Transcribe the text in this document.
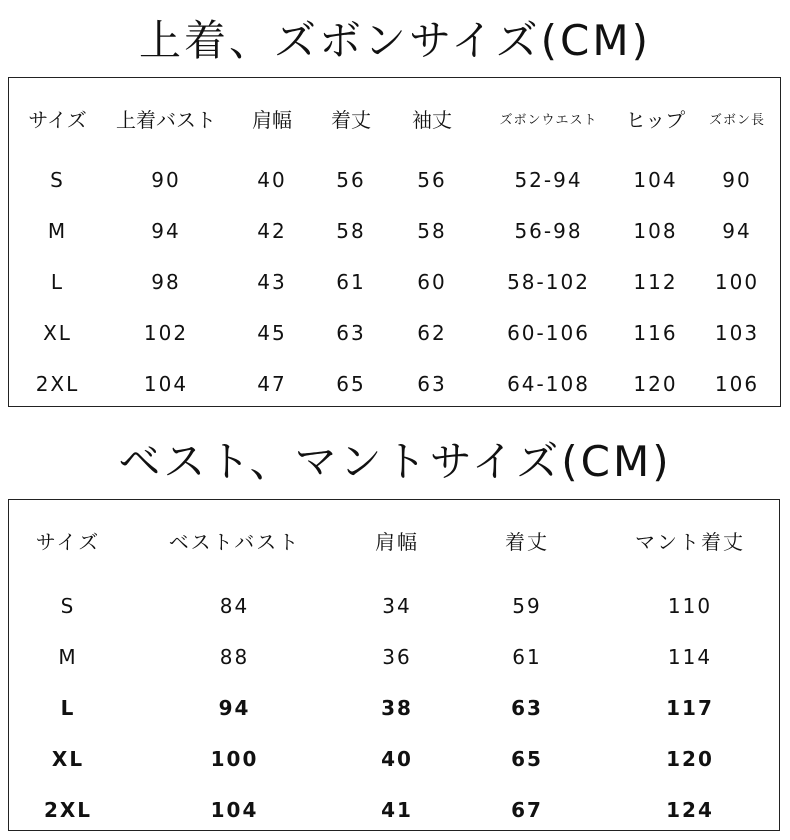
上着、ズボンサイズ(CM)
サイズ	上着バスト	肩幅	着丈	袖丈	ズボンウエスト	ヒップ	ズボン長
S	90	40	56	56	52-94	104	90
M	94	42	58	58	56-98	108	94
L	98	43	61	60	58-102	112	100
XL	102	45	63	62	60-106	116	103
2XL	104	47	65	63	64-108	120	106
ベスト、マントサイズ(CM)
サイズ	ベストバスト	肩幅	着丈	マント着丈
S	84	34	59	110
M	88	36	61	114
L	94	38	63	117
XL	100	40	65	120
2XL	104	41	67	124
